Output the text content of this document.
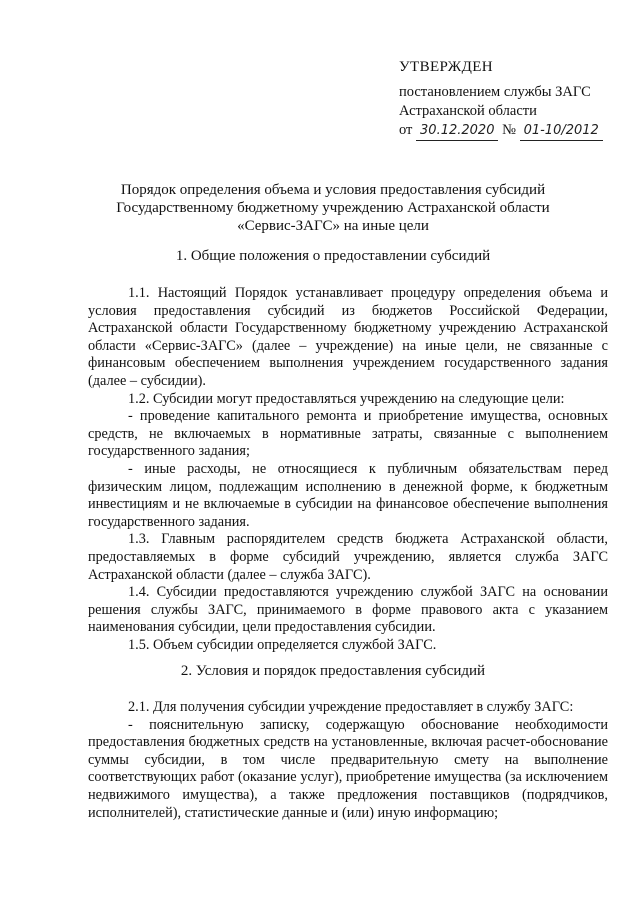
УТВЕРЖДЕН
постановлением службы ЗАГС
Астраханской области
от 30.12.2020 № 01-10/2012
Порядок определения объема и условия предоставления субсидий
Государственному бюджетному учреждению Астраханской области
«Сервис-ЗАГС» на иные цели
1. Общие положения о предоставлении субсидий

1.1. Настоящий Порядок устанавливает процедуру определения объема и условия предоставления субсидий из бюджетов Российской Федерации, Астраханской области Государственному бюджетному учреждению Астраханской области «Сервис-ЗАГС» (далее – учреждение) на иные цели, не связанные с финансовым обеспечением выполнения учреждением государственного задания (далее – субсидии).

1.2. Субсидии могут предоставляться учреждению на следующие цели:

- проведение капитального ремонта и приобретение имущества, основных средств, не включаемых в нормативные затраты, связанные с выполнением государственного задания;

- иные расходы, не относящиеся к публичным обязательствам перед физическим лицом, подлежащим исполнению в денежной форме, к бюджетным инвестициям и не включаемые в субсидии на финансовое обеспечение выполнения государственного задания.

1.3. Главным распорядителем средств бюджета Астраханской области, предоставляемых в форме субсидий учреждению, является служба ЗАГС Астраханской области (далее – служба ЗАГС).

1.4. Субсидии предоставляются учреждению службой ЗАГС на основании решения службы ЗАГС, принимаемого в форме правового акта с указанием наименования субсидии, цели предоставления субсидии.

1.5. Объем субсидии определяется службой ЗАГС.

2. Условия и порядок предоставления субсидий

2.1. Для получения субсидии учреждение предоставляет в службу ЗАГС:

- пояснительную записку, содержащую обоснование необходимости предоставления бюджетных средств на установленные, включая расчет-обоснование суммы субсидии, в том числе предварительную смету на выполнение соответствующих работ (оказание услуг), приобретение имущества (за исключением недвижимого имущества), а также предложения поставщиков (подрядчиков, исполнителей), статистические данные и (или) иную информацию;
